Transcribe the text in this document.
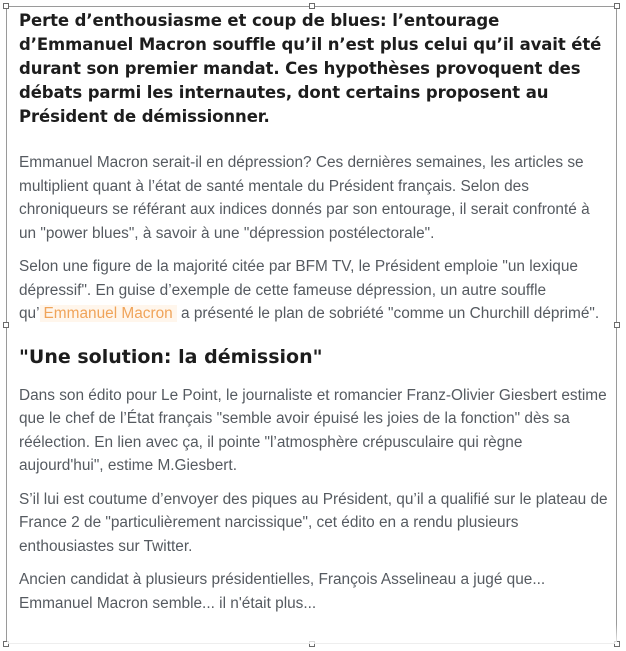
Perte d’enthousiasme et coup de blues: l’entourage d’Emmanuel Macron souffle qu’il n’est plus celui qu’il avait été durant son premier mandat. Ces hypothèses provoquent des débats parmi les internautes, dont certains proposent au Président de démissionner.

Emmanuel Macron serait-il en dépression? Ces dernières semaines, les articles se multiplient quant à l’état de santé mentale du Président français. Selon des chroniqueurs se référant aux indices donnés par son entourage, il serait confronté à un "power blues", à savoir à une "dépression postélectorale".

Selon une figure de la majorité citée par BFM TV, le Président emploie "un lexique dépressif". En guise d’exemple de cette fameuse dépression, un autre souffle qu’ Emmanuel Macron a présenté le plan de sobriété "comme un Churchill déprimé".

"Une solution: la démission"

Dans son édito pour Le Point, le journaliste et romancier Franz-Olivier Giesbert estime que le chef de l’État français "semble avoir épuisé les joies de la fonction" dès sa réélection. En lien avec ça, il pointe "l’atmosphère crépusculaire qui règne aujourd'hui", estime M.Giesbert.

S’il lui est coutume d’envoyer des piques au Président, qu’il a qualifié sur le plateau de France 2 de "particulièrement narcissique", cet édito en a rendu plusieurs enthousiastes sur Twitter.

Ancien candidat à plusieurs présidentielles, François Asselineau a jugé que... Emmanuel Macron semble... il n'était plus...
